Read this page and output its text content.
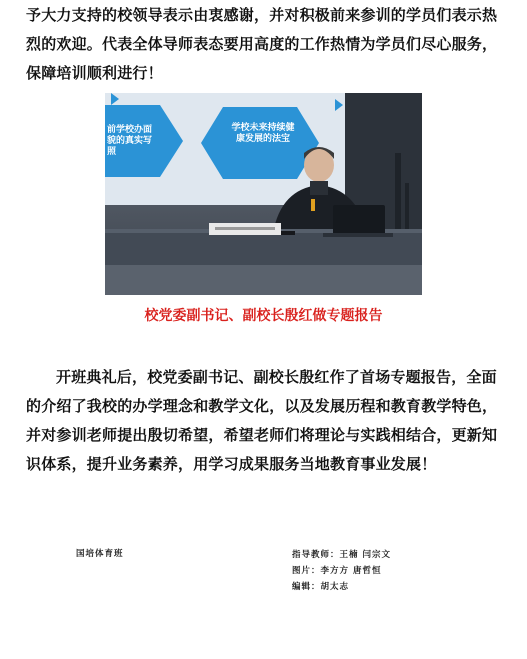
予大力支持的校领导表示由衷感谢，并对积极前来参训的学员们表示热烈的欢迎。代表全体导师表态要用高度的工作热情为学员们尽心服务，保障培训顺利进行！

前学校办面貌的真实写照
学校未来持续健康发展的法宝
校党委副书记、副校长殷红做专题报告

开班典礼后，校党委副书记、副校长殷红作了首场专题报告，全面的介绍了我校的办学理念和教学文化，以及发展历程和教育教学特色，并对参训老师提出殷切希望，希望老师们将理论与实践相结合，更新知识体系，提升业务素养，用学习成果服务当地教育事业发展！

国培体育班	指导教师：王楠 闫宗文
图片：李方方 唐哲恒
编辑：胡太志
